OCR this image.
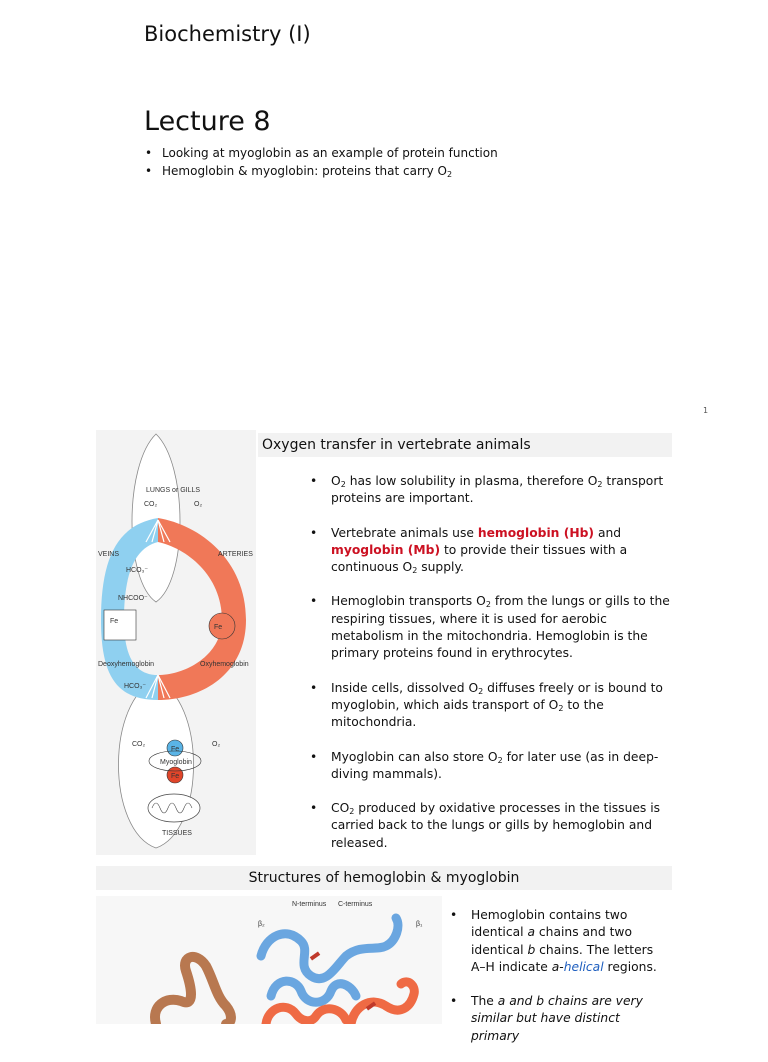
Biochemistry (I)
Lecture 8
• Looking at myoglobin as an example of protein function
• Hemoglobin & myoglobin: proteins that carry $O_2$
1
LUNGS or GILLS
CO₂	O₂
VEINS	ARTERIES
HCO₃⁻
NHCOO⁻
Fe
Fe
Deoxyhemoglobin	Oxyhemoglobin
HCO₃⁻
CO₂	O₂
Fe
Myoglobin
Fe
TISSUES
Oxygen transfer in vertebrate animals
• $O_2$ has low solubility in plasma, therefore $O_2$ transport proteins are important.
• Vertebrate animals use hemoglobin (Hb) and myoglobin (Mb) to provide their tissues with a continuous $O_2$ supply.
• Hemoglobin transports $O_2$ from the lungs or gills to the respiring tissues, where it is used for aerobic metabolism in the mitochondria. Hemoglobin is the primary proteins found in erythrocytes.
• Inside cells, dissolved $O_2$ diffuses freely or is bound to myoglobin, which aids transport of $O_2$ to the mitochondria.
• Myoglobin can also store $O_2$ for later use (as in deep-diving mammals).
• $CO_2$ produced by oxidative processes in the tissues is carried back to the lungs or gills by hemoglobin and released.
Structures of hemoglobin & myoglobin
N-terminus C-terminus
β₂	β₁
• Hemoglobin contains two identical a chains and two identical b chains. The letters A–H indicate a-helical regions.
• The a and b chains are very similar but have distinct primary
